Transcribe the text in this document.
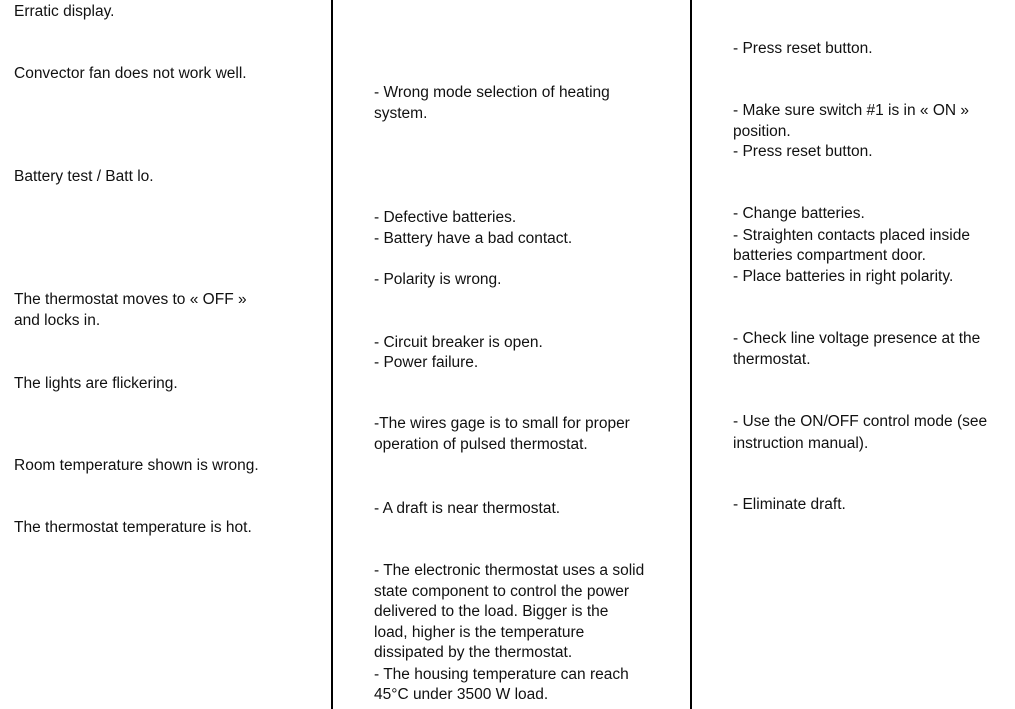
Erratic display.
Convector fan does not work well.
Battery test / Batt lo.
The thermostat moves to « OFF » and locks in.
The lights are flickering.
Room temperature shown is wrong.
The thermostat temperature is hot.
- Wrong mode selection of heating system.
- Defective batteries.
- Battery have a bad contact.
- Polarity is wrong.
- Circuit breaker is open.
- Power failure.
-The wires gage is to small for proper operation of pulsed thermostat.
- A draft is near thermostat.
- The electronic thermostat uses a solid state component to control the power delivered to the load. Bigger is the load, higher is the temperature dissipated by the thermostat.
- The housing temperature can reach 45°C under 3500 W load.
- Press reset button.
- Make sure switch #1 is in « ON » position.
- Press reset button.
- Change batteries.
- Straighten contacts placed inside batteries compartment door.
- Place batteries in right polarity.
- Check line voltage presence at the thermostat.
- Use the ON/OFF control mode (see instruction manual).
- Eliminate draft.
